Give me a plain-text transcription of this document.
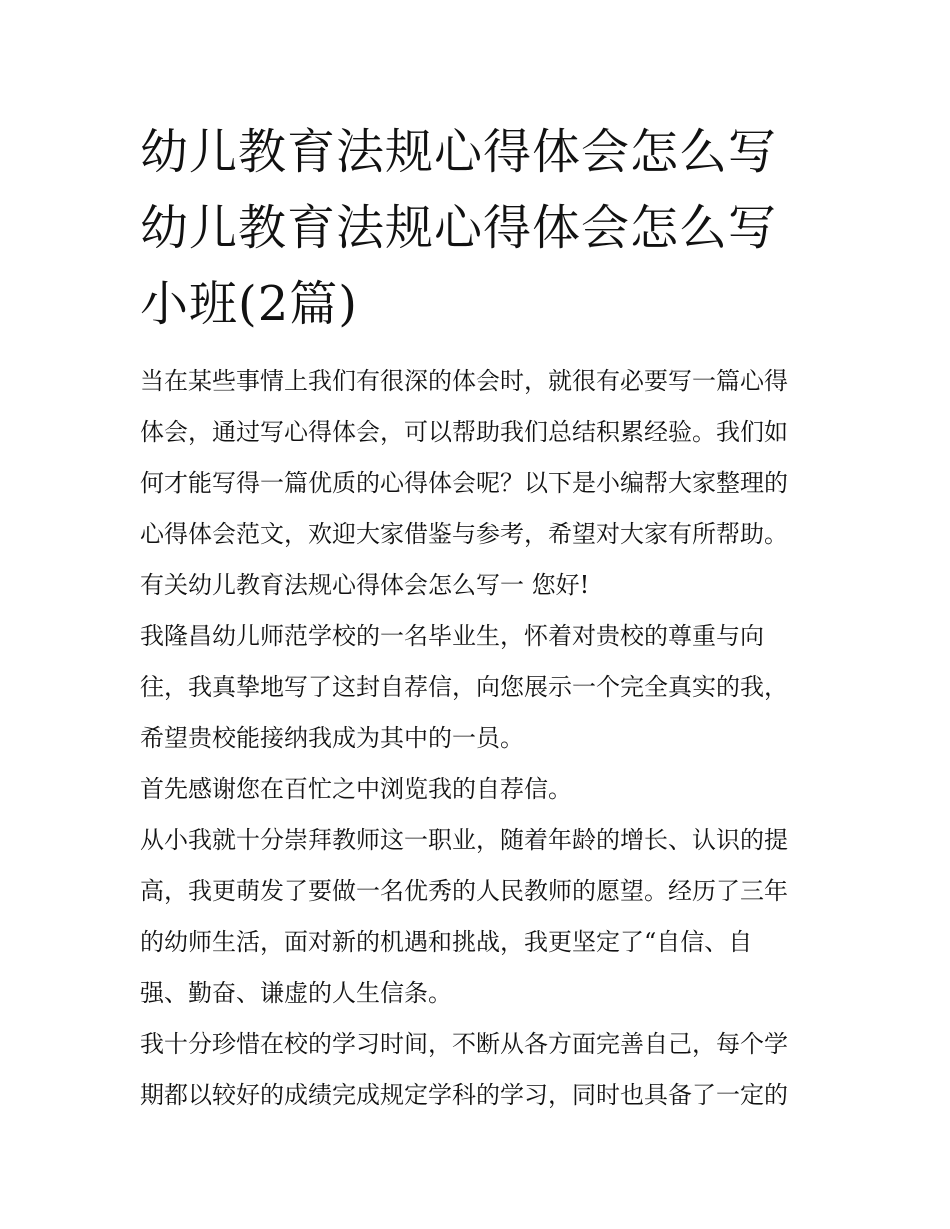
幼儿教育法规心得体会怎么写
幼儿教育法规心得体会怎么写
小班(2篇)

当在某些事情上我们有很深的体会时，就很有必要写一篇心得
体会，通过写心得体会，可以帮助我们总结积累经验。我们如
何才能写得一篇优质的心得体会呢？以下是小编帮大家整理的
心得体会范文，欢迎大家借鉴与参考，希望对大家有所帮助。

有关幼儿教育法规心得体会怎么写一 您好!

我隆昌幼儿师范学校的一名毕业生，怀着对贵校的尊重与向
往，我真挚地写了这封自荐信，向您展示一个完全真实的我，
希望贵校能接纳我成为其中的一员。

首先感谢您在百忙之中浏览我的自荐信。

从小我就十分崇拜教师这一职业，随着年龄的增长、认识的提
高，我更萌发了要做一名优秀的人民教师的愿望。经历了三年
的幼师生活，面对新的机遇和挑战，我更坚定了“自信、自
强、勤奋、谦虚的人生信条。

我十分珍惜在校的学习时间，不断从各方面完善自己，每个学
期都以较好的成绩完成规定学科的学习，同时也具备了一定的
